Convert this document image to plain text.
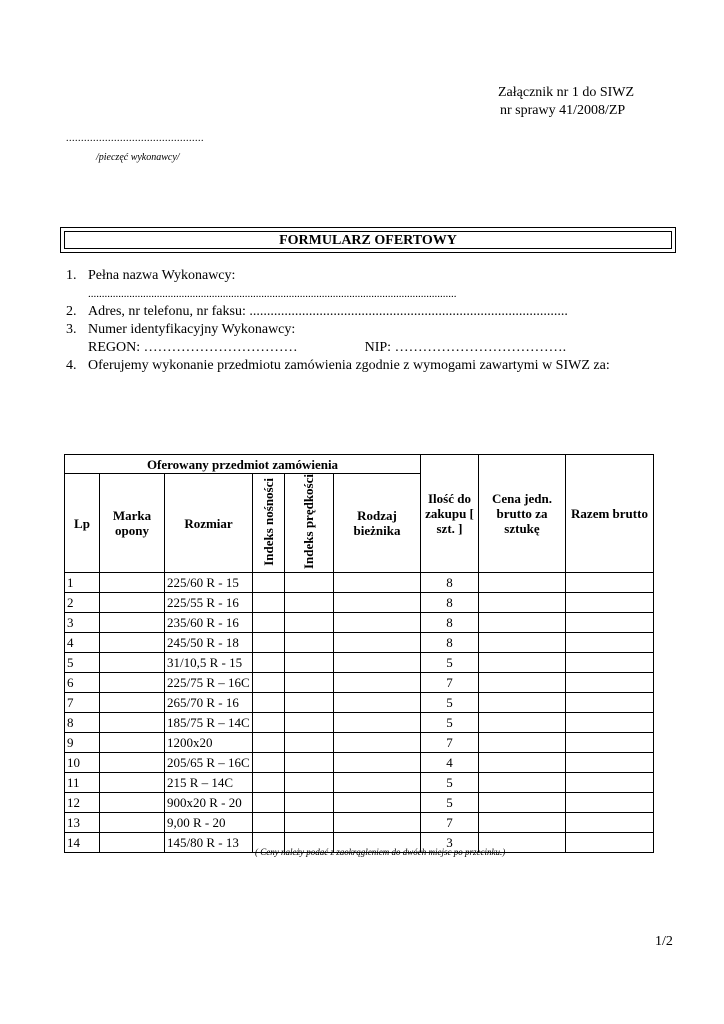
Załącznik nr 1 do SIWZ
nr sprawy 41/2008/ZP
..............................................
/pieczęć wykonawcy/
FORMULARZ OFERTOWY
1. Pełna nazwa Wykonawcy:
......................................................................................................................................
2. Adres, nr telefonu, nr faksu: ...........................................................................................
3. Numer identyfikacyjny Wykonawcy:
REGON: ……………………………	NIP: ……………………………….
4. Oferujemy wykonanie przedmiotu zamówienia zgodnie z wymogami zawartymi w SIWZ za:
Oferowany przedmiot zamówienia						Ilość do zakupu [ szt. ]	Cena jedn. brutto za sztukę	Razem brutto
Lp	Marka opony	Rozmiar	Indeks nośności	Indeks prędkości	Rodzaj bieżnika			
1		225/60 R - 15				8		
2		225/55 R - 16				8		
3		235/60 R - 16				8		
4		245/50 R - 18				8		
5		31/10,5 R - 15				5		
6		225/75 R – 16C				7		
7		265/70 R - 16				5		
8		185/75 R – 14C				5		
9		1200x20				7		
10		205/65 R – 16C				4		
11		215 R – 14C				5		
12		900x20 R - 20				5		
13		9,00 R - 20				7		
14		145/80 R - 13				3		
( Ceny należy podać z zaokrągleniem do dwóch miejsc po przecinku.)
1/2
